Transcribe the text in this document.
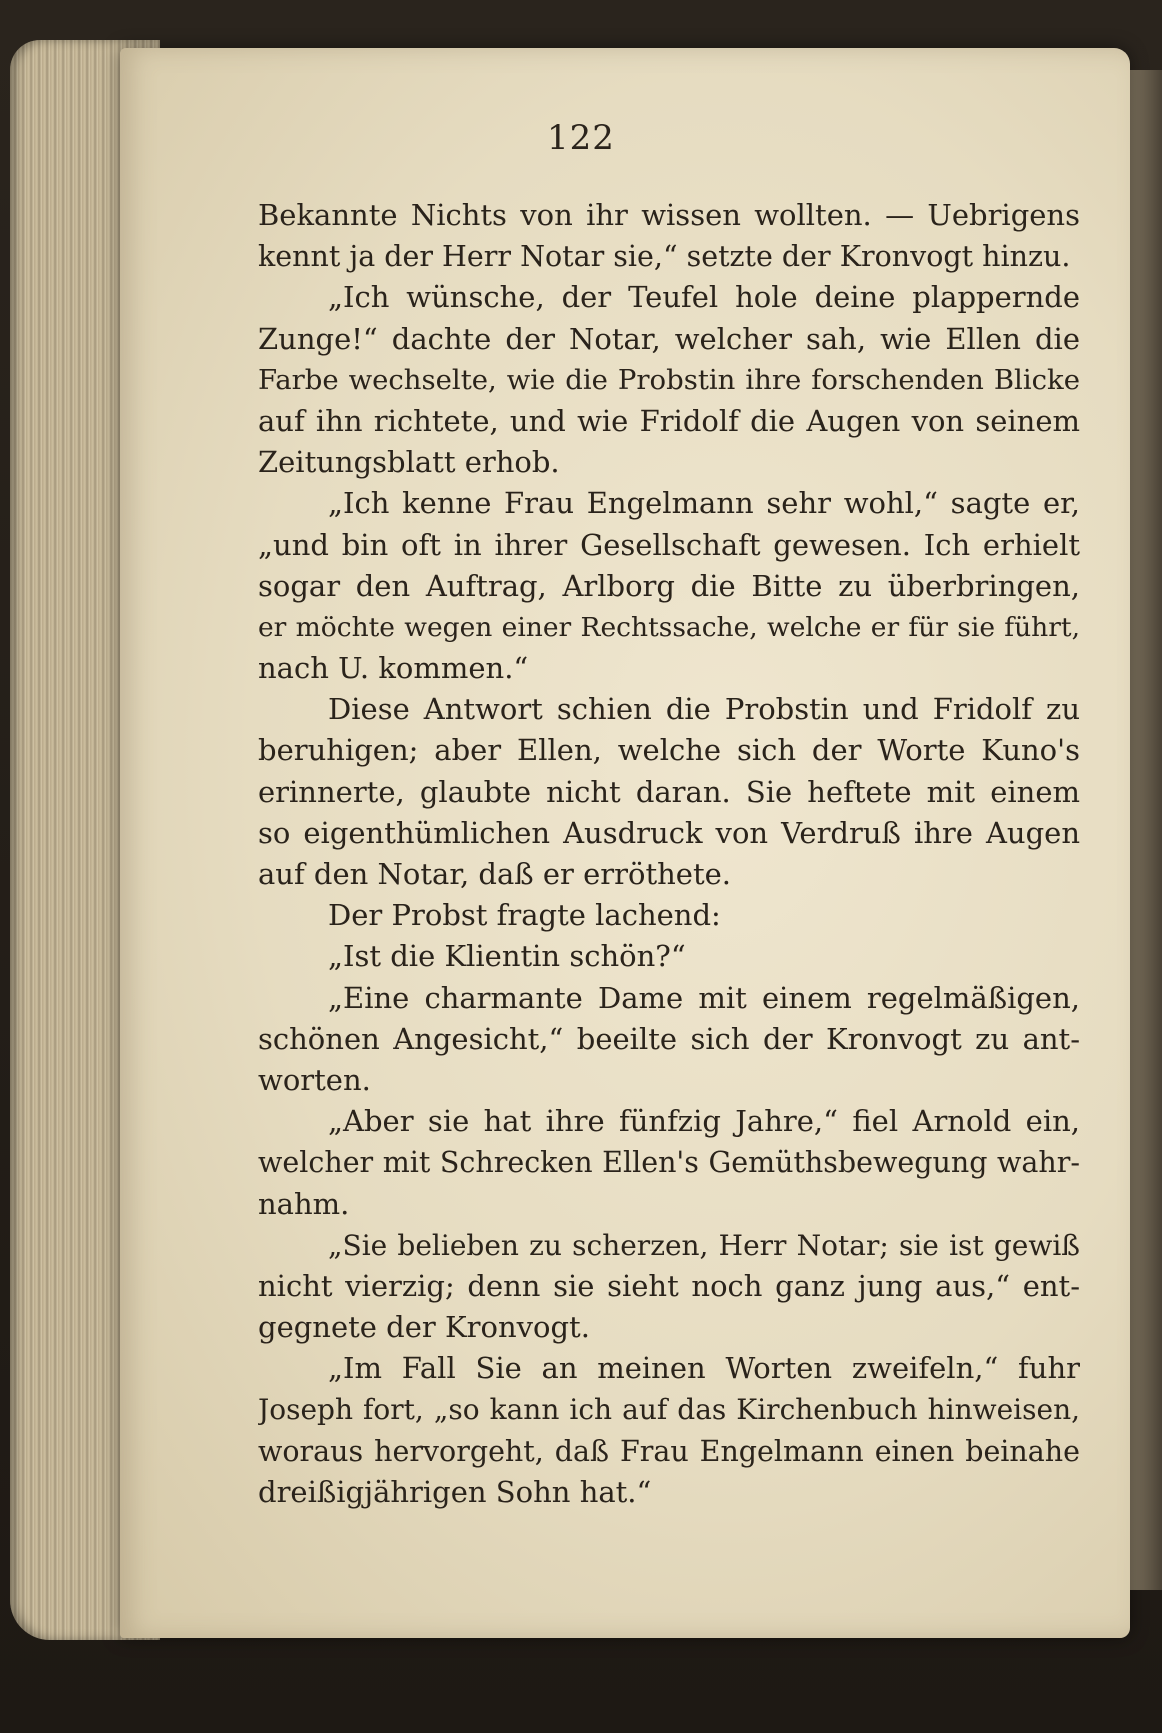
122
Bekannte Nichts von ihr wissen wollten. — Uebrigens
kennt ja der Herr Notar sie,“ setzte der Kronvogt hinzu.
„Ich wünsche, der Teufel hole deine plappernde
Zunge!“ dachte der Notar, welcher sah, wie Ellen die
Farbe wechselte, wie die Probstin ihre forschenden Blicke
auf ihn richtete, und wie Fridolf die Augen von seinem
Zeitungsblatt erhob.
„Ich kenne Frau Engelmann sehr wohl,“ sagte er,
„und bin oft in ihrer Gesellschaft gewesen. Ich erhielt
sogar den Auftrag, Arlborg die Bitte zu überbringen,
er möchte wegen einer Rechtssache, welche er für sie führt,
nach U. kommen.“
Diese Antwort schien die Probstin und Fridolf zu
beruhigen; aber Ellen, welche sich der Worte Kuno's
erinnerte, glaubte nicht daran. Sie heftete mit einem
so eigenthümlichen Ausdruck von Verdruß ihre Augen
auf den Notar, daß er erröthete.
Der Probst fragte lachend:
„Ist die Klientin schön?“
„Eine charmante Dame mit einem regelmäßigen,
schönen Angesicht,“ beeilte sich der Kronvogt zu ant-
worten.
„Aber sie hat ihre fünfzig Jahre,“ fiel Arnold ein,
welcher mit Schrecken Ellen's Gemüthsbewegung wahr-
nahm.
„Sie belieben zu scherzen, Herr Notar; sie ist gewiß
nicht vierzig; denn sie sieht noch ganz jung aus,“ ent-
gegnete der Kronvogt.
„Im Fall Sie an meinen Worten zweifeln,“ fuhr
Joseph fort, „so kann ich auf das Kirchenbuch hinweisen,
woraus hervorgeht, daß Frau Engelmann einen beinahe
dreißigjährigen Sohn hat.“
